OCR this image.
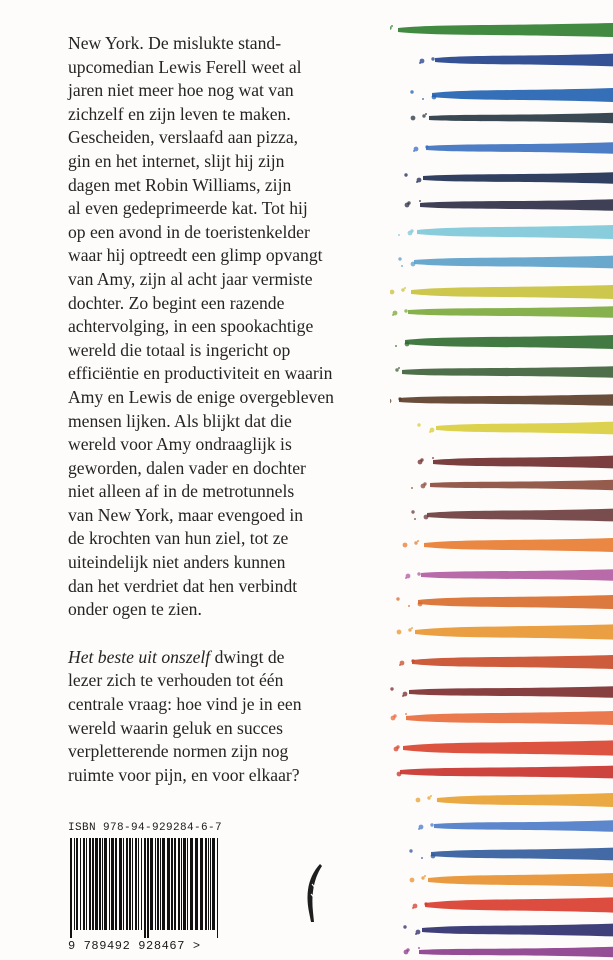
New York. De mislukte stand-
upcomedian Lewis Ferell weet al
jaren niet meer hoe nog wat van
zichzelf en zijn leven te maken.
Gescheiden, verslaafd aan pizza,
gin en het internet, slijt hij zijn
dagen met Robin Williams, zijn
al even gedeprimeerde kat. Tot hij
op een avond in de toeristenkelder
waar hij optreedt een glimp opvangt
van Amy, zijn al acht jaar vermiste
dochter. Zo begint een razende
achtervolging, in een spookachtige
wereld die totaal is ingericht op
efficiëntie en productiviteit en waarin
Amy en Lewis de enige overgebleven
mensen lijken. Als blijkt dat die
wereld voor Amy ondraaglijk is
geworden, dalen vader en dochter
niet alleen af in de metrotunnels
van New York, maar evengoed in
de krochten van hun ziel, tot ze
uiteindelijk niet anders kunnen
dan het verdriet dat hen verbindt
onder ogen te zien.

Het beste uit onszelf dwingt de
lezer zich te verhouden tot één
centrale vraag: hoe vind je in een
wereld waarin geluk en succes
verpletterende normen zijn nog
ruimte voor pijn, en voor elkaar?

ISBN 978-94-929284-6-7
9 789492 928467 >
